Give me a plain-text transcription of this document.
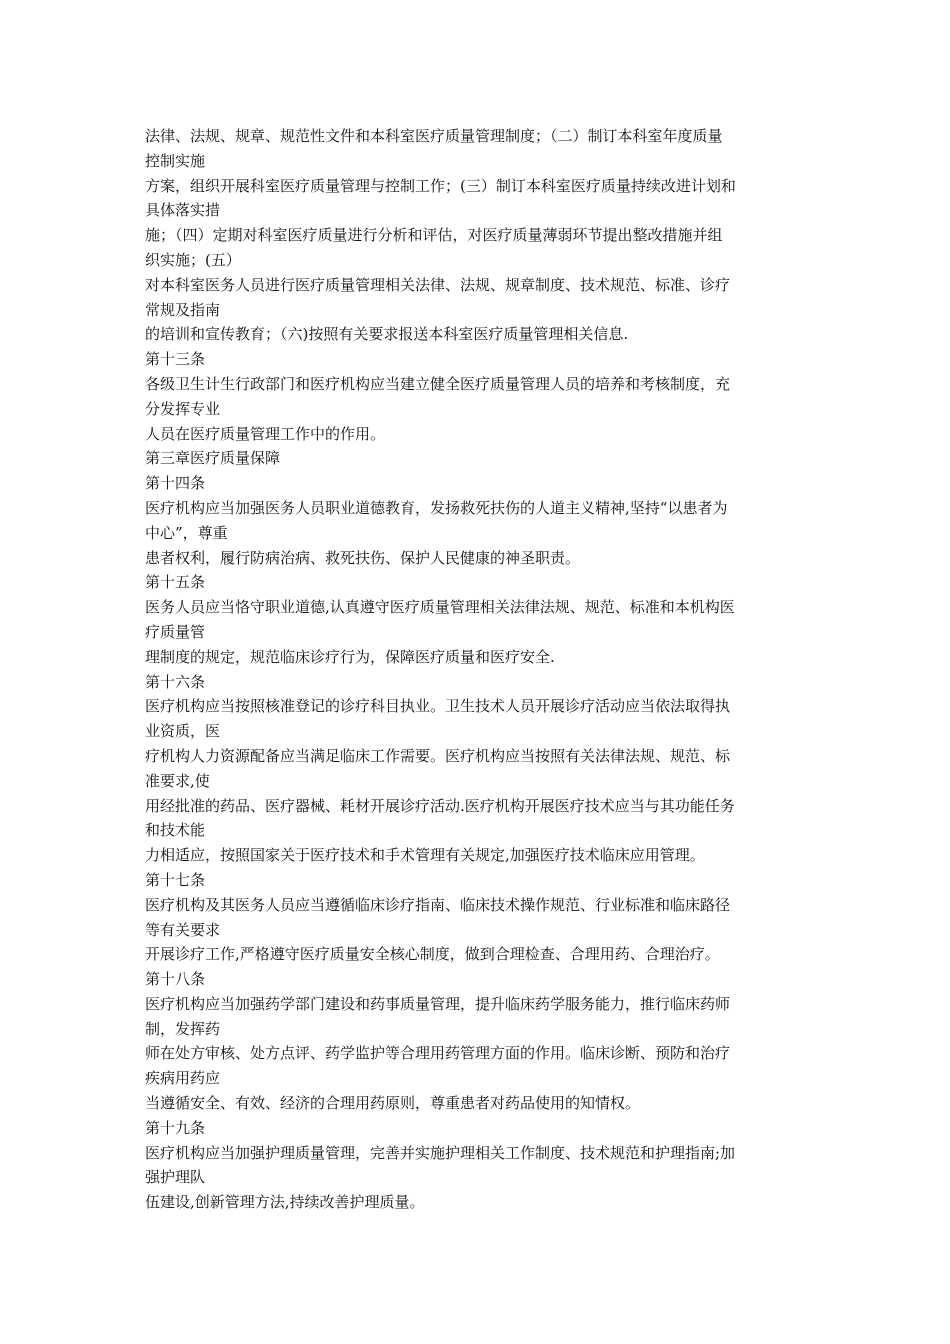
法律、法规、规章、规范性文件和本科室医疗质量管理制度；（二）制订本科室年度质量
控制实施
方案，组织开展科室医疗质量管理与控制工作；(三）制订本科室医疗质量持续改进计划和
具体落实措
施；（四）定期对科室医疗质量进行分析和评估，对医疗质量薄弱环节提出整改措施并组
织实施；(五）
对本科室医务人员进行医疗质量管理相关法律、法规、规章制度、技术规范、标准、诊疗
常规及指南
的培训和宣传教育；（六)按照有关要求报送本科室医疗质量管理相关信息.
第十三条
各级卫生计生行政部门和医疗机构应当建立健全医疗质量管理人员的培养和考核制度，充
分发挥专业
人员在医疗质量管理工作中的作用。
第三章医疗质量保障
第十四条
医疗机构应当加强医务人员职业道德教育，发扬救死扶伤的人道主义精神,坚持“以患者为
中心”，尊重
患者权利，履行防病治病、救死扶伤、保护人民健康的神圣职责。
第十五条
医务人员应当恪守职业道德,认真遵守医疗质量管理相关法律法规、规范、标准和本机构医
疗质量管
理制度的规定，规范临床诊疗行为，保障医疗质量和医疗安全.
第十六条
医疗机构应当按照核准登记的诊疗科目执业。卫生技术人员开展诊疗活动应当依法取得执
业资质，医
疗机构人力资源配备应当满足临床工作需要。医疗机构应当按照有关法律法规、规范、标
准要求,使
用经批准的药品、医疗器械、耗材开展诊疗活动.医疗机构开展医疗技术应当与其功能任务
和技术能
力相适应，按照国家关于医疗技术和手术管理有关规定,加强医疗技术临床应用管理。
第十七条
医疗机构及其医务人员应当遵循临床诊疗指南、临床技术操作规范、行业标准和临床路径
等有关要求
开展诊疗工作,严格遵守医疗质量安全核心制度，做到合理检查、合理用药、合理治疗。
第十八条
医疗机构应当加强药学部门建设和药事质量管理，提升临床药学服务能力，推行临床药师
制，发挥药
师在处方审核、处方点评、药学监护等合理用药管理方面的作用。临床诊断、预防和治疗
疾病用药应
当遵循安全、有效、经济的合理用药原则，尊重患者对药品使用的知情权。
第十九条
医疗机构应当加强护理质量管理，完善并实施护理相关工作制度、技术规范和护理指南;加
强护理队
伍建设,创新管理方法,持续改善护理质量。
